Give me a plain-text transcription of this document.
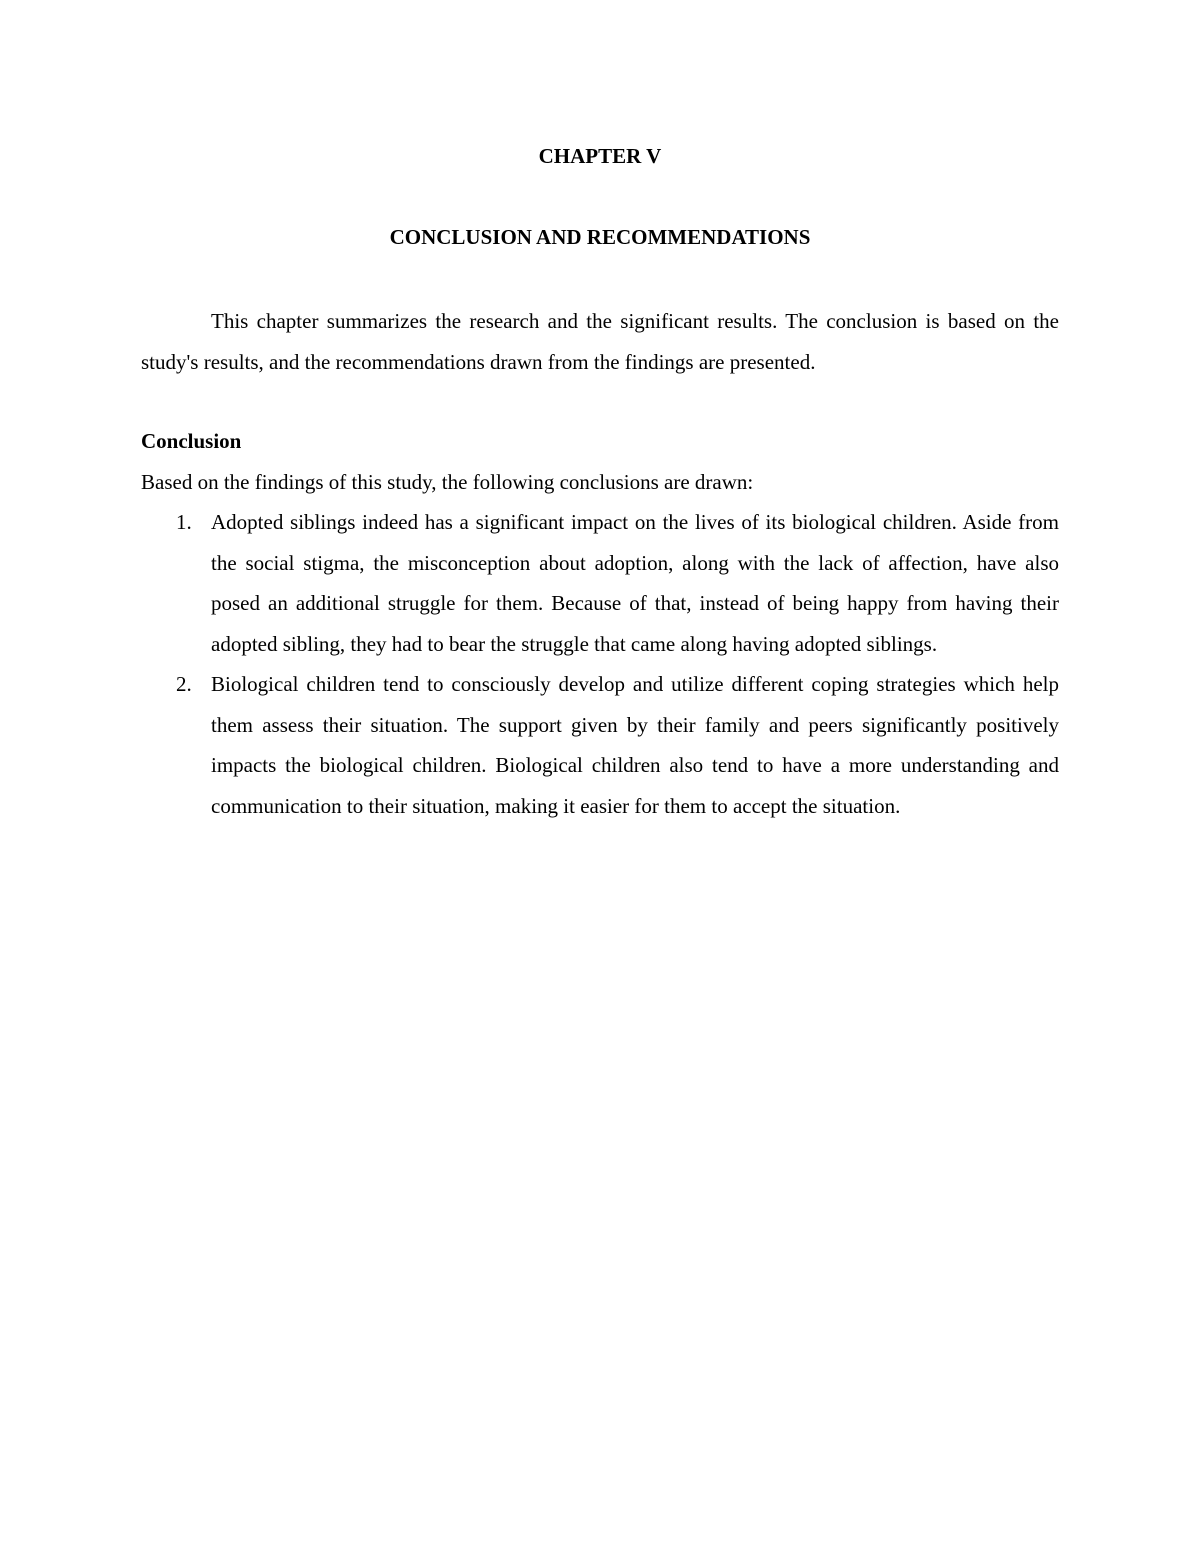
CHAPTER V

CONCLUSION AND RECOMMENDATIONS

This chapter summarizes the research and the significant results. The conclusion is based on the study's results, and the recommendations drawn from the findings are presented.

Conclusion

Based on the findings of this study, the following conclusions are drawn:

1. Adopted siblings indeed has a significant impact on the lives of its biological children. Aside from the social stigma, the misconception about adoption, along with the lack of affection, have also posed an additional struggle for them. Because of that, instead of being happy from having their adopted sibling, they had to bear the struggle that came along having adopted siblings.
2. Biological children tend to consciously develop and utilize different coping strategies which help them assess their situation. The support given by their family and peers significantly positively impacts the biological children. Biological children also tend to have a more understanding and communication to their situation, making it easier for them to accept the situation.
